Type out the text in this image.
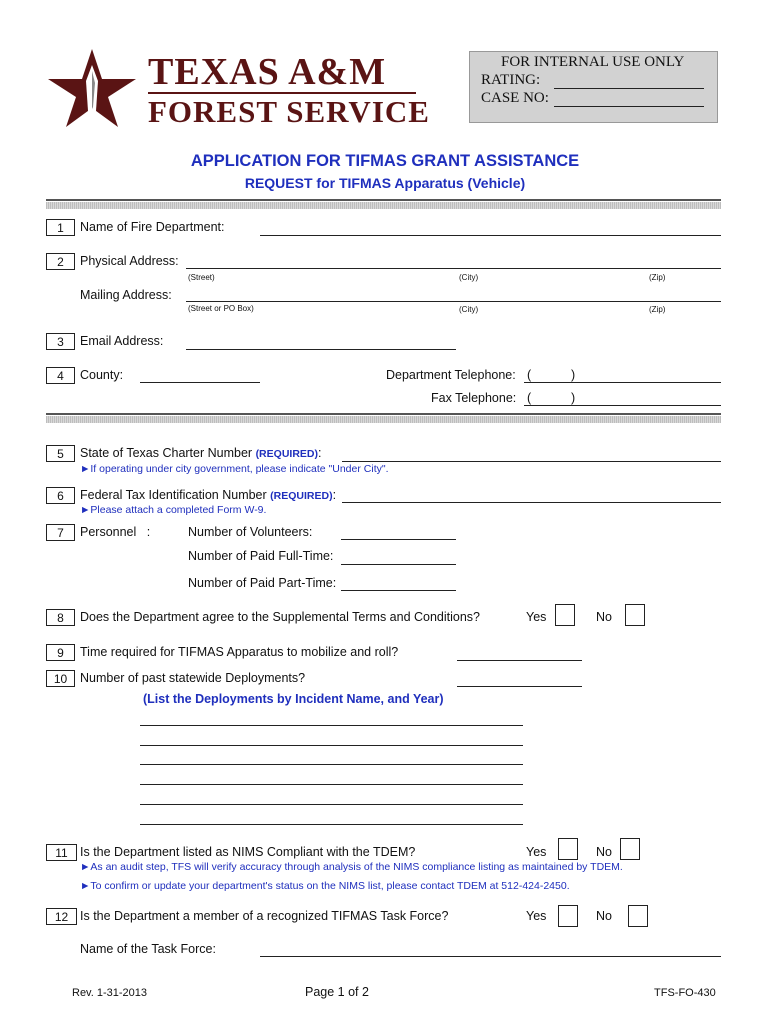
TEXAS A&M
FOREST SERVICE
FOR INTERNAL USE ONLY
RATING:
CASE NO:
APPLICATION FOR TIFMAS GRANT ASSISTANCE
REQUEST for TIFMAS Apparatus (Vehicle)
1	Name of Fire Department:
2	Physical Address:
(Street)	(City)	(Zip)
Mailing Address:
(Street or PO Box)	(City)	(Zip)
3	Email Address:
4	County:	Department Telephone: (	)
Fax Telephone: (	)
5	State of Texas Charter Number (REQUIRED):
►If operating under city government, please indicate "Under City".
6	Federal Tax Identification Number (REQUIRED):
►Please attach a completed Form W-9.
7	Personnel   :	Number of Volunteers:
Number of Paid Full-Time:
Number of Paid Part-Time:
8	Does the Department agree to the Supplemental Terms and Conditions?	Yes	No
9	Time required for TIFMAS Apparatus to mobilize and roll?
10	Number of past statewide Deployments?
(List the Deployments by Incident Name, and Year)
11 Is the Department listed as NIMS Compliant with the TDEM?	Yes	No
►As an audit step, TFS will verify accuracy through analysis of the NIMS compliance listing as maintained by TDEM.
►To confirm or update your department's status on the NIMS list, please contact TDEM at 512-424-2450.
12 Is the Department a member of a recognized TIFMAS Task Force?	Yes	No
Name of the Task Force:
Rev. 1-31-2013	Page 1 of 2	TFS-FO-430
